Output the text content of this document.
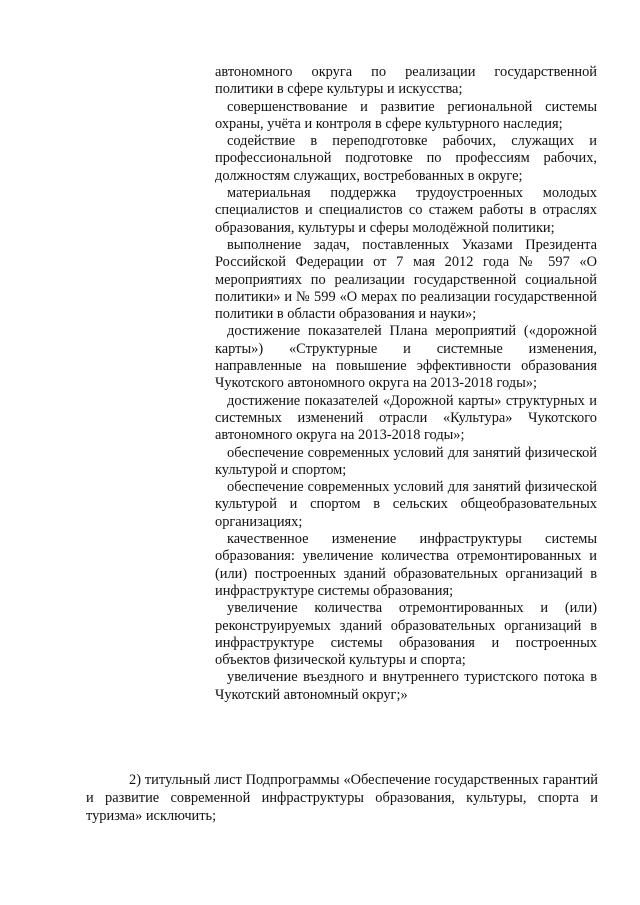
автономного округа по реализации государственной политики в сфере культуры и искусства;

совершенствование и развитие региональной системы охраны, учёта и контроля в сфере культурного наследия;

содействие в переподготовке рабочих, служащих и профессиональной подготовке по профессиям рабочих, должностям служащих, востребованных в округе;

материальная поддержка трудоустроенных молодых специалистов и специалистов со стажем работы в отраслях образования, культуры и сферы молодёжной политики;

выполнение задач, поставленных Указами Президента Российской Федерации от 7 мая 2012 года № 597 «О мероприятиях по реализации государственной социальной политики» и № 599 «О мерах по реализации государственной политики в области образования и науки»;

достижение показателей Плана мероприятий («дорожной карты») «Структурные и системные изменения, направленные на повышение эффективности образования Чукотского автономного округа на 2013-2018 годы»;

достижение показателей «Дорожной карты» структурных и системных изменений отрасли «Культура» Чукотского автономного округа на 2013-2018 годы»;

обеспечение современных условий для занятий физической культурой и спортом;

обеспечение современных условий для занятий физической культурой и спортом в сельских общеобразовательных организациях;

качественное изменение инфраструктуры системы образования: увеличение количества отремонтированных и (или) построенных зданий образовательных организаций в инфраструктуре системы образования;

увеличение количества отремонтированных и (или) реконструируемых зданий образовательных организаций в инфраструктуре системы образования и построенных объектов физической культуры и спорта;

увеличение въездного и внутреннего туристского потока в Чукотский автономный округ;»

2) титульный лист Подпрограммы «Обеспечение государственных гарантий и развитие современной инфраструктуры образования, культуры, спорта и туризма» исключить;
